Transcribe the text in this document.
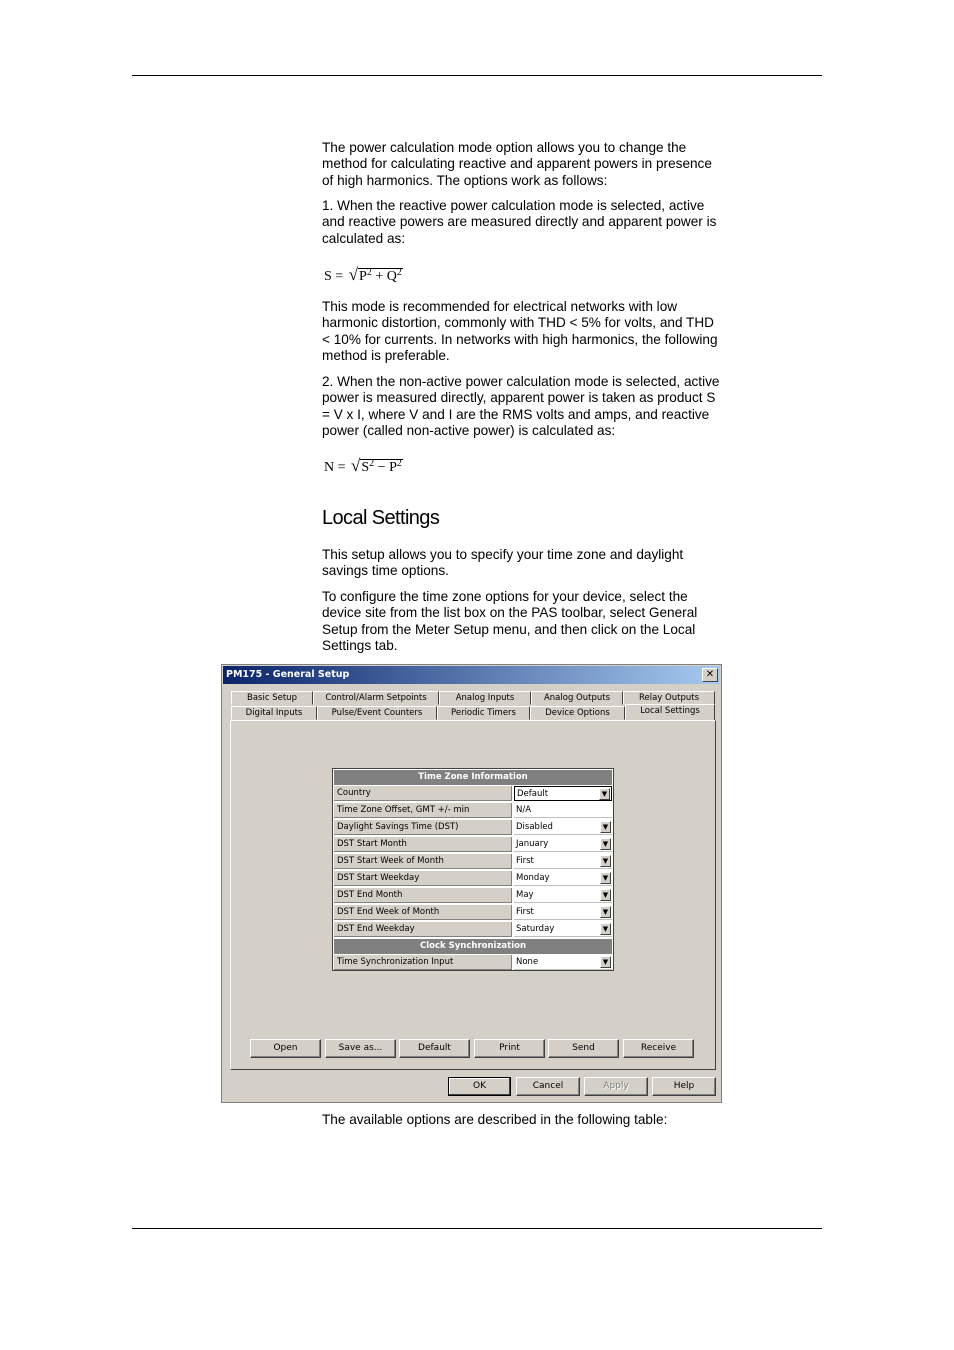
The power calculation mode option allows you to change the method for calculating reactive and apparent powers in presence of high harmonics. The options work as follows:

1. When the reactive power calculation mode is selected, active and reactive powers are measured directly and apparent power is calculated as:

$S = √P^2 + Q^2$

This mode is recommended for electrical networks with low harmonic distortion, commonly with THD < 5% for volts, and THD < 10% for currents. In networks with high harmonics, the following method is preferable.

2. When the non-active power calculation mode is selected, active power is measured directly, apparent power is taken as product S = V x I, where V and I are the RMS volts and amps, and reactive power (called non-active power) is calculated as:

$N = √S^2 - P^2$
Local Settings

This setup allows you to specify your time zone and daylight savings time options.

To configure the time zone options for your device, select the device site from the list box on the PAS toolbar, select General Setup from the Meter Setup menu, and then click on the Local Settings tab.

PM175 - General Setup	✕
Basic Setup	Control/Alarm Setpoints	Analog Inputs	Analog Outputs	Relay Outputs
Digital Inputs	Pulse/Event Counters	Periodic Timers	Device Options	Local Settings
Time Zone Information
Country	Default	▼
Time Zone Offset, GMT +/- min	N/A
Daylight Savings Time (DST)	Disabled	▼
DST Start Month	January	▼
DST Start Week of Month	First	▼
DST Start Weekday	Monday	▼
DST End Month	May	▼
DST End Week of Month	First	▼
DST End Weekday	Saturday	▼
Clock Synchronization
Time Synchronization Input	None	▼
Open	Save as...	Default	Print	Send	Receive
OK	Cancel	Apply	Help

The available options are described in the following table:
